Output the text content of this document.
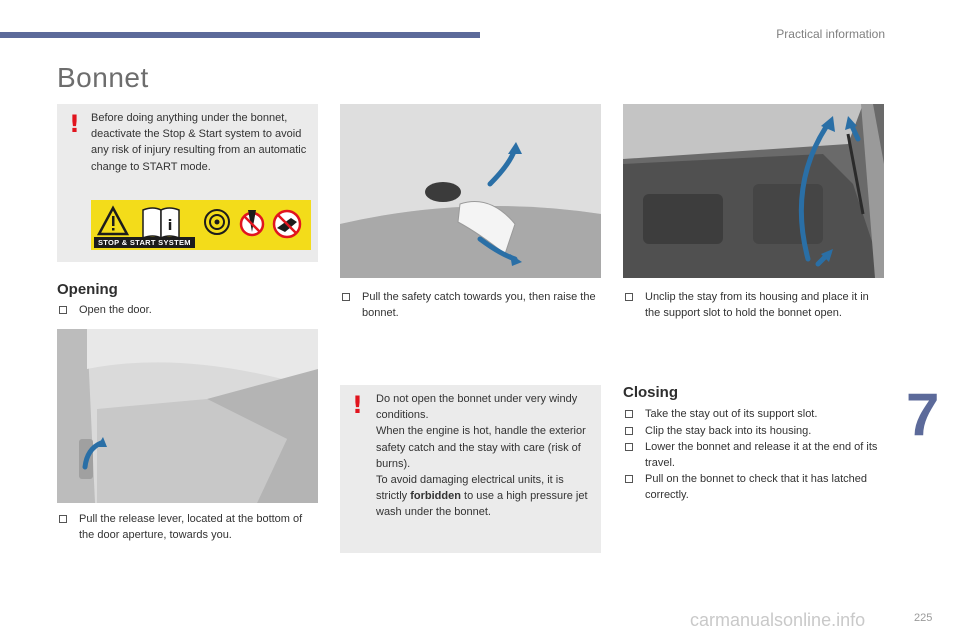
Practical information
Bonnet
! Before doing anything under the bonnet, deactivate the Stop & Start system to avoid any risk of injury resulting from an automatic change to START mode.

i
STOP & START SYSTEM
Opening
Open the door.
Pull the release lever, located at the bottom of the door aperture, towards you.
Pull the safety catch towards you, then raise the bonnet.
! Do not open the bonnet under very windy conditions.

When the engine is hot, handle the exterior safety catch and the stay with care (risk of burns).

To avoid damaging electrical units, it is strictly forbidden to use a high pressure jet wash under the bonnet.

Unclip the stay from its housing and place it in the support slot to hold the bonnet open.
Closing
Take the stay out of its support slot.
Clip the stay back into its housing.
Lower the bonnet and release it at the end of its travel.
Pull on the bonnet to check that it has latched correctly.
7
carmanualsonline.info	225
